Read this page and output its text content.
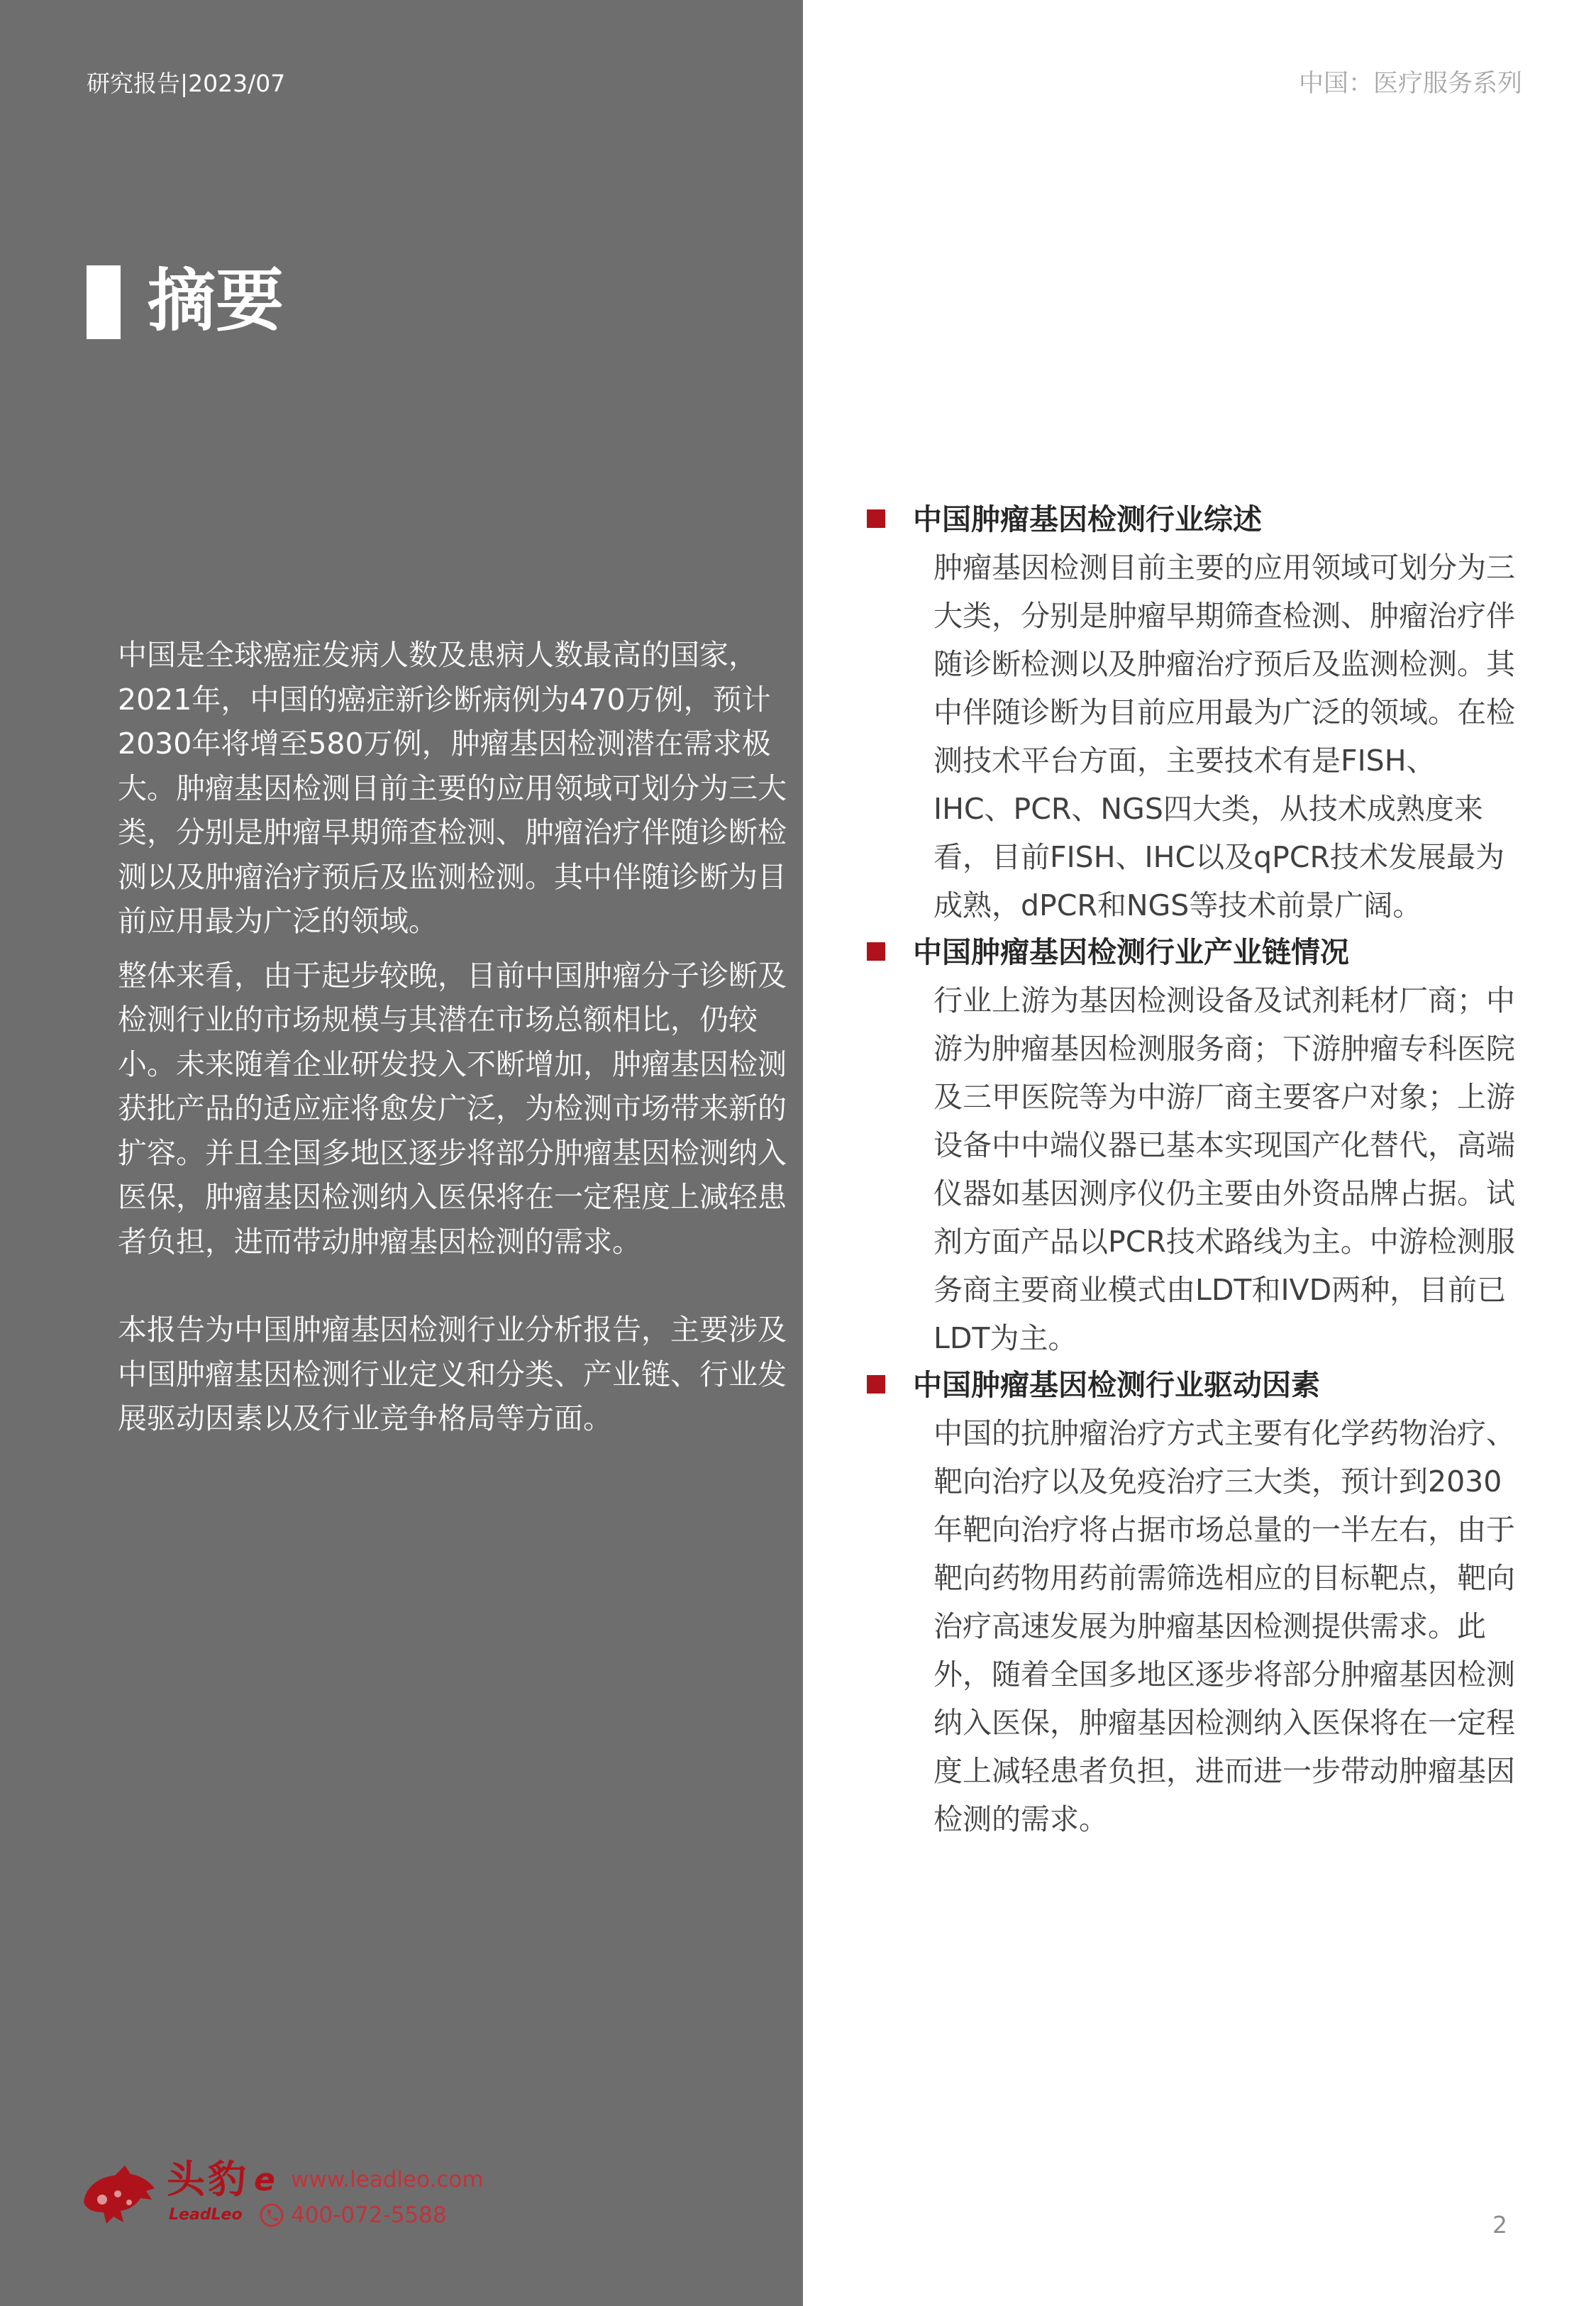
研究报告|2023/07	中国：医疗服务系列
摘要

中国是全球癌症发病人数及患病人数最高的国家，2021年，中国的癌症新诊断病例为470万例，预计2030年将增至580万例，肿瘤基因检测潜在需求极大。肿瘤基因检测目前主要的应用领域可划分为三大类，分别是肿瘤早期筛查检测、肿瘤治疗伴随诊断检测以及肿瘤治疗预后及监测检测。其中伴随诊断为目前应用最为广泛的领域。

整体来看，由于起步较晚，目前中国肿瘤分子诊断及检测行业的市场规模与其潜在市场总额相比，仍较小。未来随着企业研发投入不断增加，肿瘤基因检测获批产品的适应症将愈发广泛，为检测市场带来新的扩容。并且全国多地区逐步将部分肿瘤基因检测纳入医保，肿瘤基因检测纳入医保将在一定程度上减轻患者负担，进而带动肿瘤基因检测的需求。

本报告为中国肿瘤基因检测行业分析报告，主要涉及中国肿瘤基因检测行业定义和分类、产业链、行业发展驱动因素以及行业竞争格局等方面。

中国肿瘤基因检测行业综述

肿瘤基因检测目前主要的应用领域可划分为三大类，分别是肿瘤早期筛查检测、肿瘤治疗伴随诊断检测以及肿瘤治疗预后及监测检测。其中伴随诊断为目前应用最为广泛的领域。在检测技术平台方面，主要技术有是FISH、IHC、PCR、NGS四大类，从技术成熟度来看，目前FISH、IHC以及qPCR技术发展最为成熟，dPCR和NGS等技术前景广阔。

中国肿瘤基因检测行业产业链情况

行业上游为基因检测设备及试剂耗材厂商；中游为肿瘤基因检测服务商；下游肿瘤专科医院及三甲医院等为中游厂商主要客户对象；上游设备中中端仪器已基本实现国产化替代，高端仪器如基因测序仪仍主要由外资品牌占据。试剂方面产品以PCR技术路线为主。中游检测服务商主要商业模式由LDT和IVD两种，目前已LDT为主。

中国肿瘤基因检测行业驱动因素

中国的抗肿瘤治疗方式主要有化学药物治疗、靶向治疗以及免疫治疗三大类，预计到2030年靶向治疗将占据市场总量的一半左右，由于靶向药物用药前需筛选相应的目标靶点，靶向治疗高速发展为肿瘤基因检测提供需求。此外，随着全国多地区逐步将部分肿瘤基因检测纳入医保，肿瘤基因检测纳入医保将在一定程度上减轻患者负担，进而进一步带动肿瘤基因检测的需求。

头豹
LeadLeo
e www.leadleo.com
400-072-5588	2
